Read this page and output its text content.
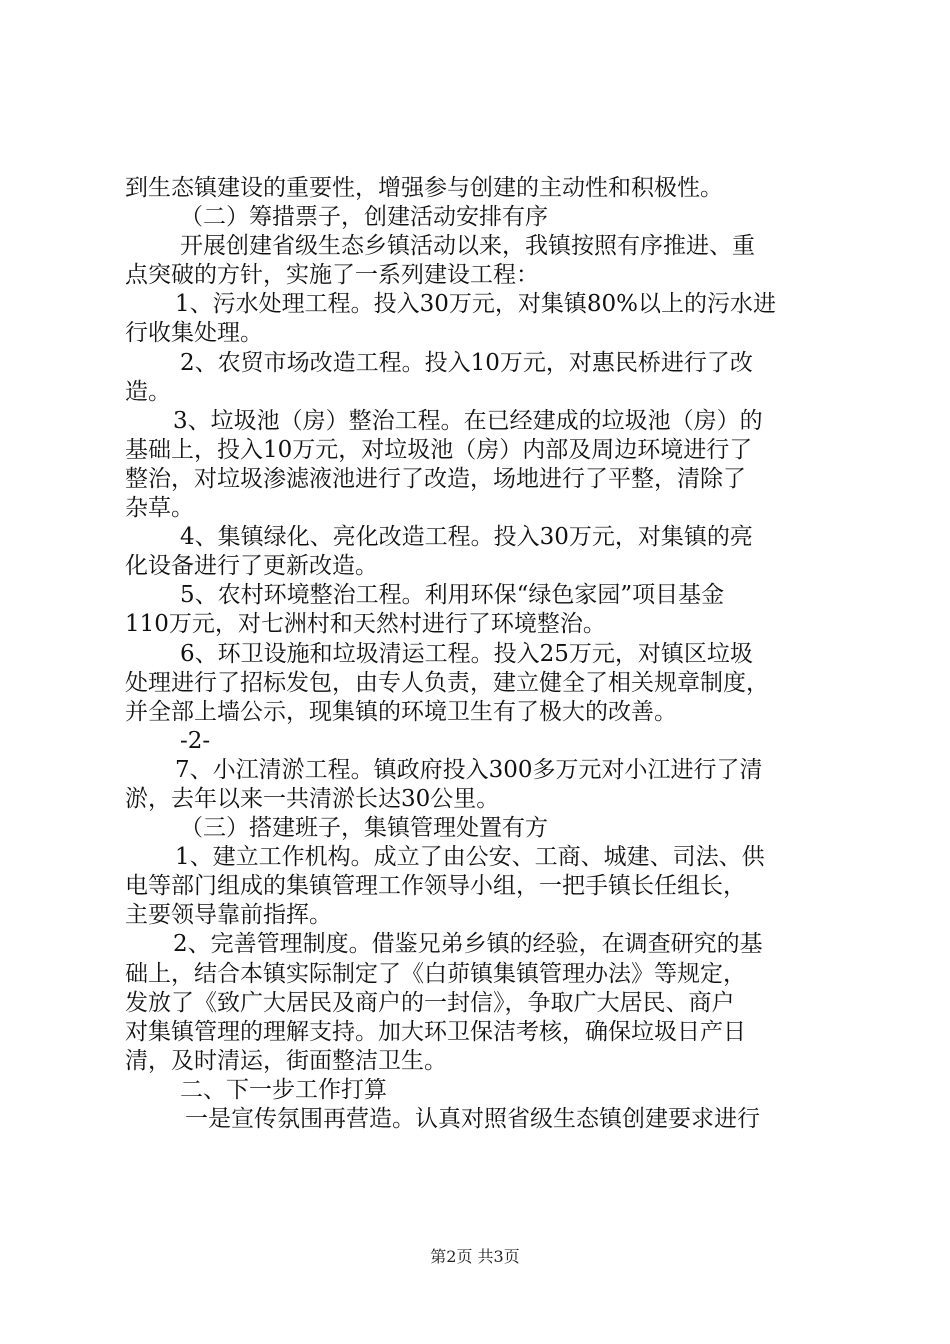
到生态镇建设的重要性，增强参与创建的主动性和积极性。
（二）筹措票子，创建活动安排有序
开展创建省级生态乡镇活动以来，我镇按照有序推进、重
点突破的方针，实施了一系列建设工程：
1、污水处理工程。投入30万元，对集镇80%以上的污水进
行收集处理。
2、农贸市场改造工程。投入10万元，对惠民桥进行了改
造。
3、垃圾池（房）整治工程。在已经建成的垃圾池（房）的
基础上，投入10万元，对垃圾池（房）内部及周边环境进行了
整治，对垃圾渗滤液池进行了改造，场地进行了平整，清除了
杂草。
4、集镇绿化、亮化改造工程。投入30万元，对集镇的亮
化设备进行了更新改造。
5、农村环境整治工程。利用环保“绿色家园”项目基金
110万元，对七洲村和天然村进行了环境整治。
6、环卫设施和垃圾清运工程。投入25万元，对镇区垃圾
处理进行了招标发包，由专人负责，建立健全了相关规章制度，
并全部上墙公示，现集镇的环境卫生有了极大的改善。
-2-
7、小江清淤工程。镇政府投入300多万元对小江进行了清
淤，去年以来一共清淤长达30公里。
（三）搭建班子，集镇管理处置有方
1、建立工作机构。成立了由公安、工商、城建、司法、供
电等部门组成的集镇管理工作领导小组，一把手镇长任组长，
主要领导靠前指挥。
2、完善管理制度。借鉴兄弟乡镇的经验，在调查研究的基
础上，结合本镇实际制定了《白茆镇集镇管理办法》等规定，
发放了《致广大居民及商户的一封信》，争取广大居民、商户
对集镇管理的理解支持。加大环卫保洁考核，确保垃圾日产日
清，及时清运，街面整洁卫生。
二、下一步工作打算
一是宣传氛围再营造。认真对照省级生态镇创建要求进行
第2页 共3页
